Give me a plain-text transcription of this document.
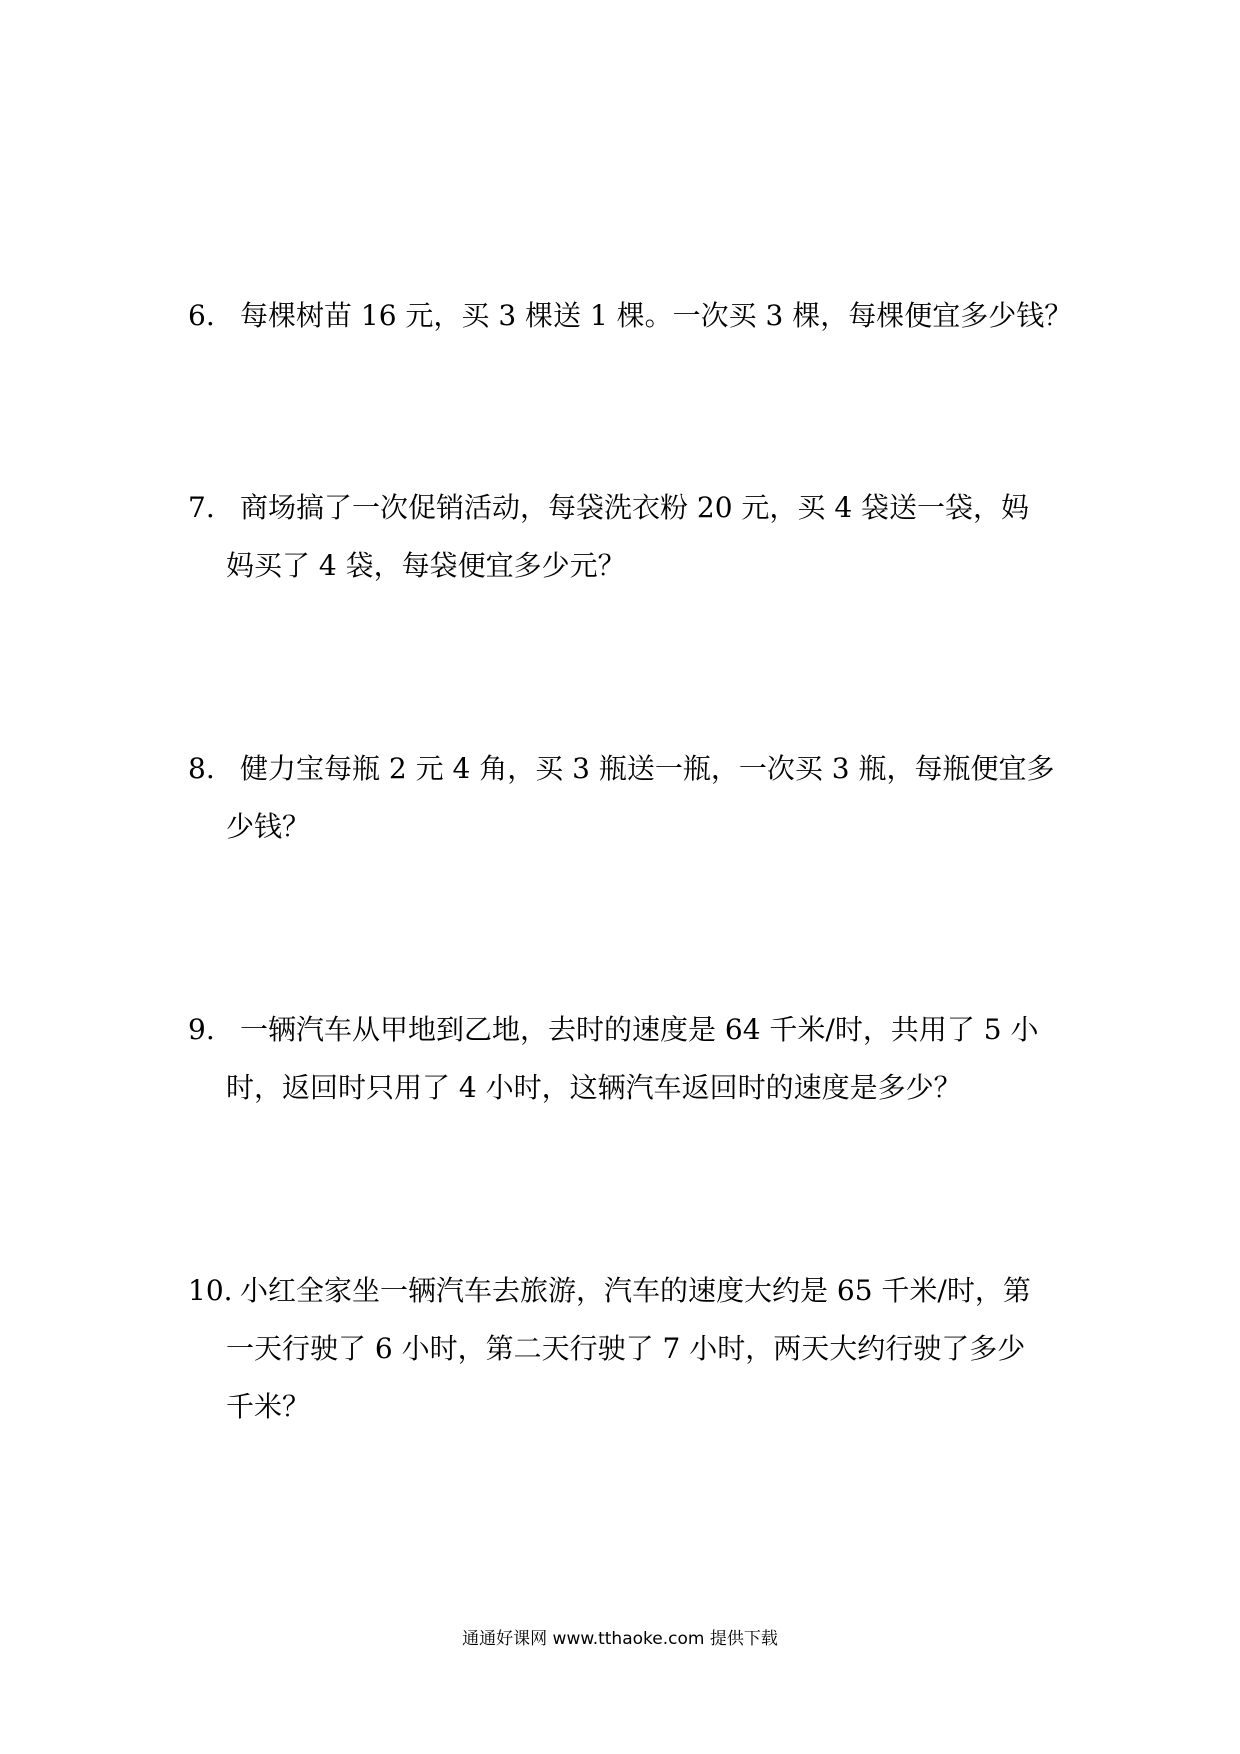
6. 每棵树苗 16 元，买 3 棵送 1 棵。一次买 3 棵，每棵便宜多少钱？
7. 商场搞了一次促销活动，每袋洗衣粉 20 元，买 4 袋送一袋，妈
妈买了 4 袋，每袋便宜多少元？
8. 健力宝每瓶 2 元 4 角，买 3 瓶送一瓶，一次买 3 瓶，每瓶便宜多
少钱？
9. 一辆汽车从甲地到乙地，去时的速度是 64 千米/时，共用了 5 小
时，返回时只用了 4 小时，这辆汽车返回时的速度是多少？
10. 小红全家坐一辆汽车去旅游，汽车的速度大约是 65 千米/时，第
一天行驶了 6 小时，第二天行驶了 7 小时，两天大约行驶了多少
千米？
通通好课网 www.tthaoke.com 提供下载
